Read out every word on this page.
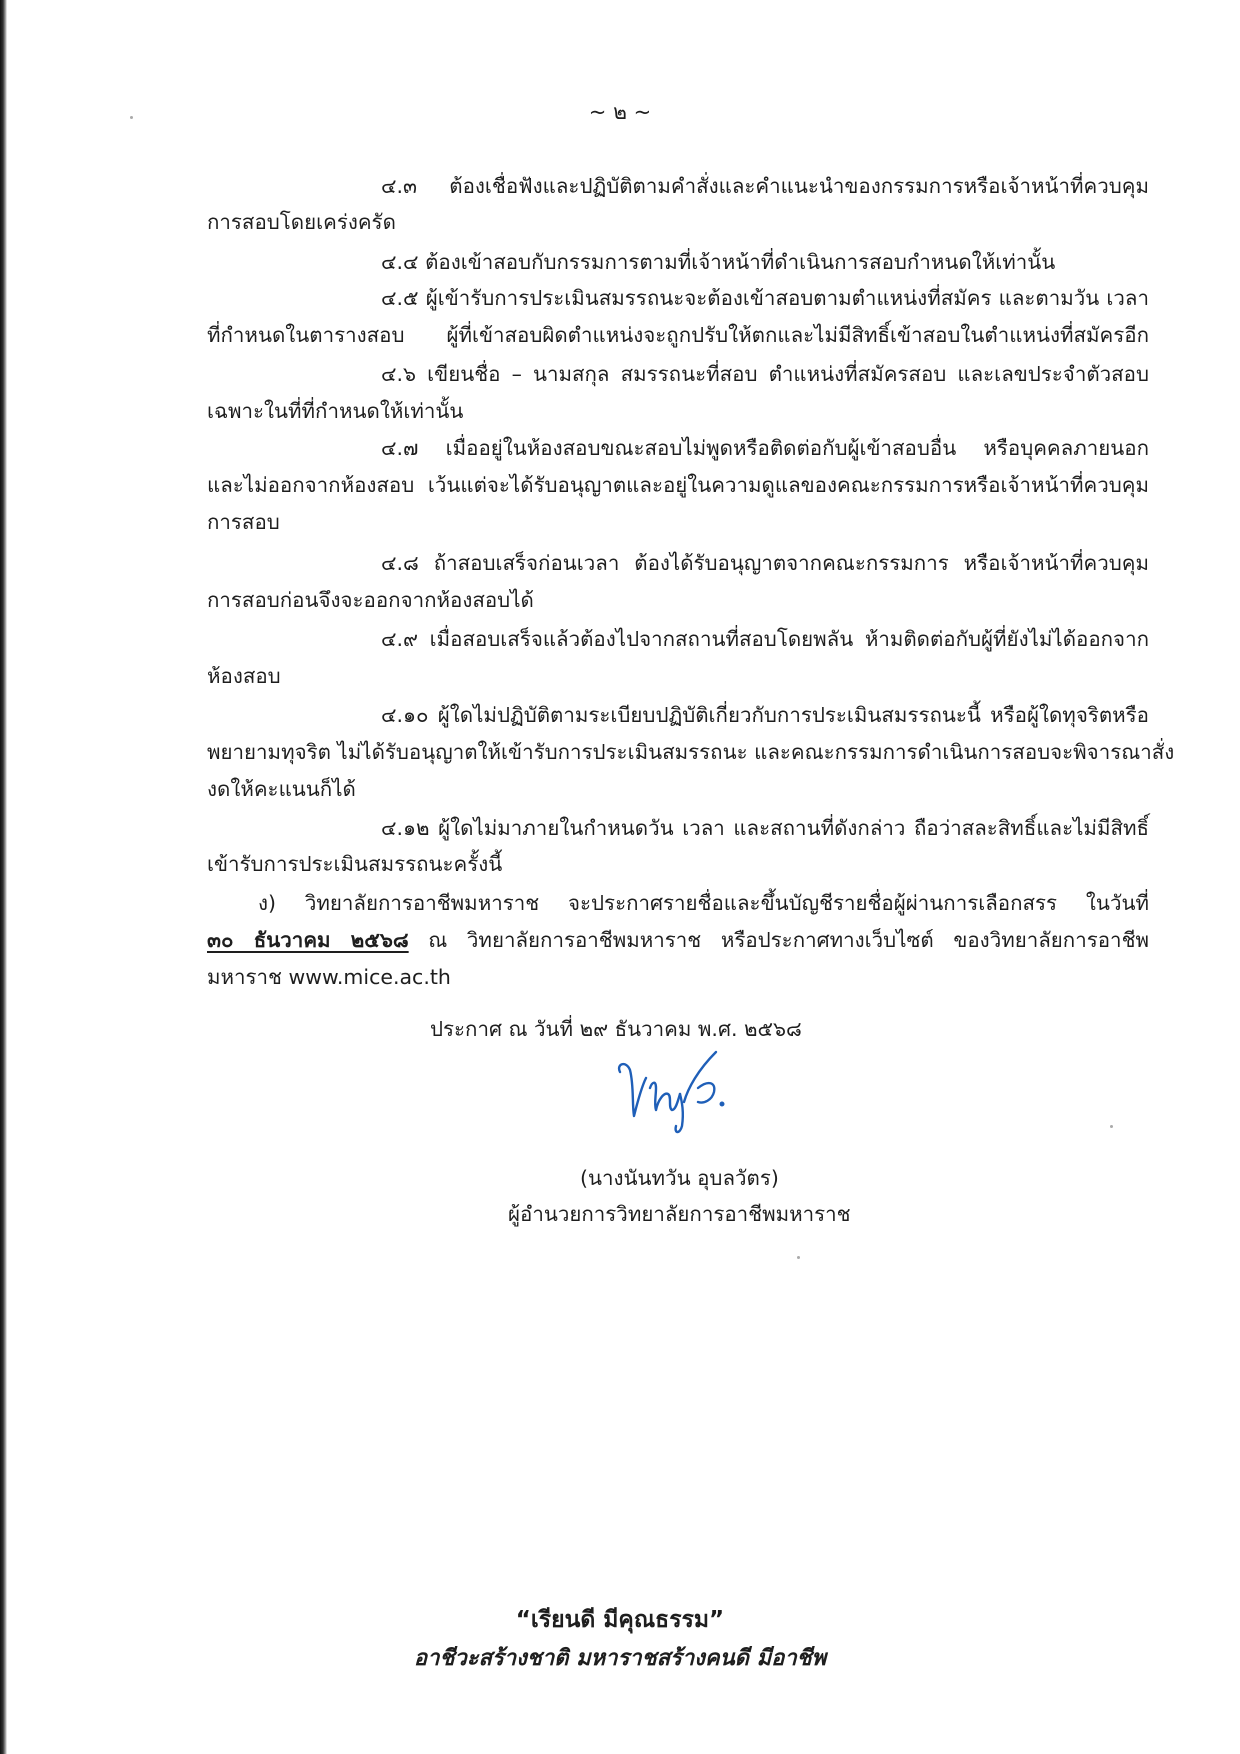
~ ๒ ~
๔.๓ ต้องเชื่อฟังและปฏิบัติตามคำสั่งและคำแนะนำของกรรมการหรือเจ้าหน้าที่ควบคุม
การสอบโดยเคร่งครัด
๔.๔ ต้องเข้าสอบกับกรรมการตามที่เจ้าหน้าที่ดำเนินการสอบกำหนดให้เท่านั้น
๔.๕ ผู้เข้ารับการประเมินสมรรถนะจะต้องเข้าสอบตามตำแหน่งที่สมัคร และตามวัน เวลา
ที่กำหนดในตารางสอบ ผู้ที่เข้าสอบผิดตำแหน่งจะถูกปรับให้ตกและไม่มีสิทธิ์เข้าสอบในตำแหน่งที่สมัครอีก
๔.๖ เขียนชื่อ – นามสกุล สมรรถนะที่สอบ ตำแหน่งที่สมัครสอบ และเลขประจำตัวสอบ
เฉพาะในที่ที่กำหนดให้เท่านั้น
๔.๗ เมื่ออยู่ในห้องสอบขณะสอบไม่พูดหรือติดต่อกับผู้เข้าสอบอื่น หรือบุคคลภายนอก
และไม่ออกจากห้องสอบ เว้นแต่จะได้รับอนุญาตและอยู่ในความดูแลของคณะกรรมการหรือเจ้าหน้าที่ควบคุม
การสอบ
๔.๘ ถ้าสอบเสร็จก่อนเวลา ต้องได้รับอนุญาตจากคณะกรรมการ หรือเจ้าหน้าที่ควบคุม
การสอบก่อนจึงจะออกจากห้องสอบได้
๔.๙ เมื่อสอบเสร็จแล้วต้องไปจากสถานที่สอบโดยพลัน ห้ามติดต่อกับผู้ที่ยังไม่ได้ออกจาก
ห้องสอบ
๔.๑๐ ผู้ใดไม่ปฏิบัติตามระเบียบปฏิบัติเกี่ยวกับการประเมินสมรรถนะนี้ หรือผู้ใดทุจริตหรือ
พยายามทุจริต ไม่ได้รับอนุญาตให้เข้ารับการประเมินสมรรถนะ และคณะกรรมการดำเนินการสอบจะพิจารณาสั่ง
งดให้คะแนนก็ได้
๔.๑๒ ผู้ใดไม่มาภายในกำหนดวัน เวลา และสถานที่ดังกล่าว ถือว่าสละสิทธิ์และไม่มีสิทธิ์
เข้ารับการประเมินสมรรถนะครั้งนี้
ง) วิทยาลัยการอาชีพมหาราช จะประกาศรายชื่อและขึ้นบัญชีรายชื่อผู้ผ่านการเลือกสรร ในวันที่
๓๐ ธันวาคม ๒๕๖๘ ณ วิทยาลัยการอาชีพมหาราช หรือประกาศทางเว็บไซต์ ของวิทยาลัยการอาชีพ
มหาราช www.mice.ac.th
ประกาศ ณ วันที่ ๒๙ ธันวาคม พ.ศ. ๒๕๖๘
(นางนันทวัน อุบลวัตร)
ผู้อำนวยการวิทยาลัยการอาชีพมหาราช
“เรียนดี มีคุณธรรม”
อาชีวะสร้างชาติ มหาราชสร้างคนดี มีอาชีพ
